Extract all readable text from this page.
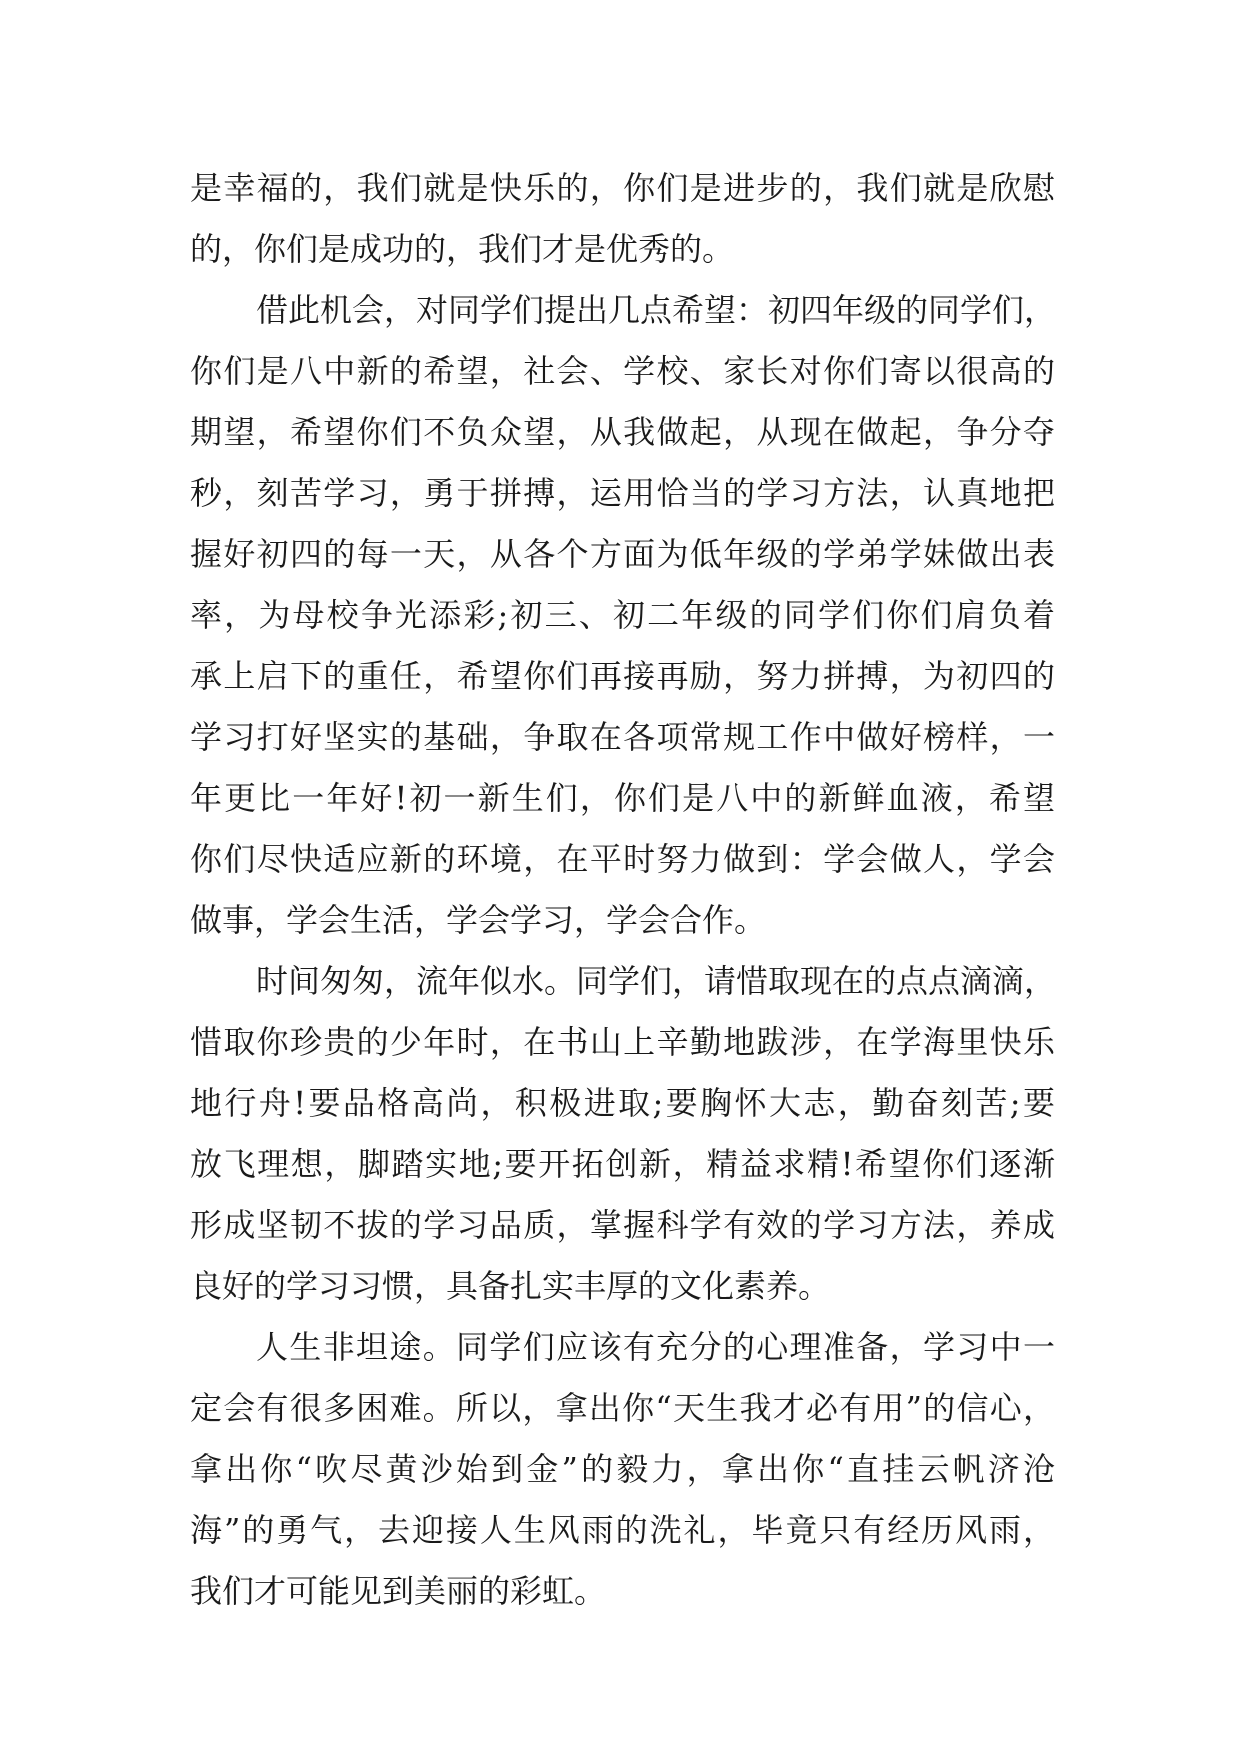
是幸福的，我们就是快乐的，你们是进步的，我们就是欣慰
的，你们是成功的，我们才是优秀的。
借此机会，对同学们提出几点希望：初四年级的同学们，
你们是八中新的希望，社会、学校、家长对你们寄以很高的
期望，希望你们不负众望，从我做起，从现在做起，争分夺
秒，刻苦学习，勇于拼搏，运用恰当的学习方法，认真地把
握好初四的每一天，从各个方面为低年级的学弟学妹做出表
率，为母校争光添彩;初三、初二年级的同学们你们肩负着
承上启下的重任，希望你们再接再励，努力拼搏，为初四的
学习打好坚实的基础，争取在各项常规工作中做好榜样，一
年更比一年好!初一新生们，你们是八中的新鲜血液，希望
你们尽快适应新的环境，在平时努力做到：学会做人，学会
做事，学会生活，学会学习，学会合作。
时间匆匆，流年似水。同学们，请惜取现在的点点滴滴，
惜取你珍贵的少年时，在书山上辛勤地跋涉，在学海里快乐
地行舟!要品格高尚，积极进取;要胸怀大志，勤奋刻苦;要
放飞理想，脚踏实地;要开拓创新，精益求精!希望你们逐渐
形成坚韧不拔的学习品质，掌握科学有效的学习方法，养成
良好的学习习惯，具备扎实丰厚的文化素养。
人生非坦途。同学们应该有充分的心理准备，学习中一
定会有很多困难。所以，拿出你“天生我才必有用”的信心，
拿出你“吹尽黄沙始到金”的毅力，拿出你“直挂云帆济沧
海”的勇气，去迎接人生风雨的洗礼，毕竟只有经历风雨，
我们才可能见到美丽的彩虹。
